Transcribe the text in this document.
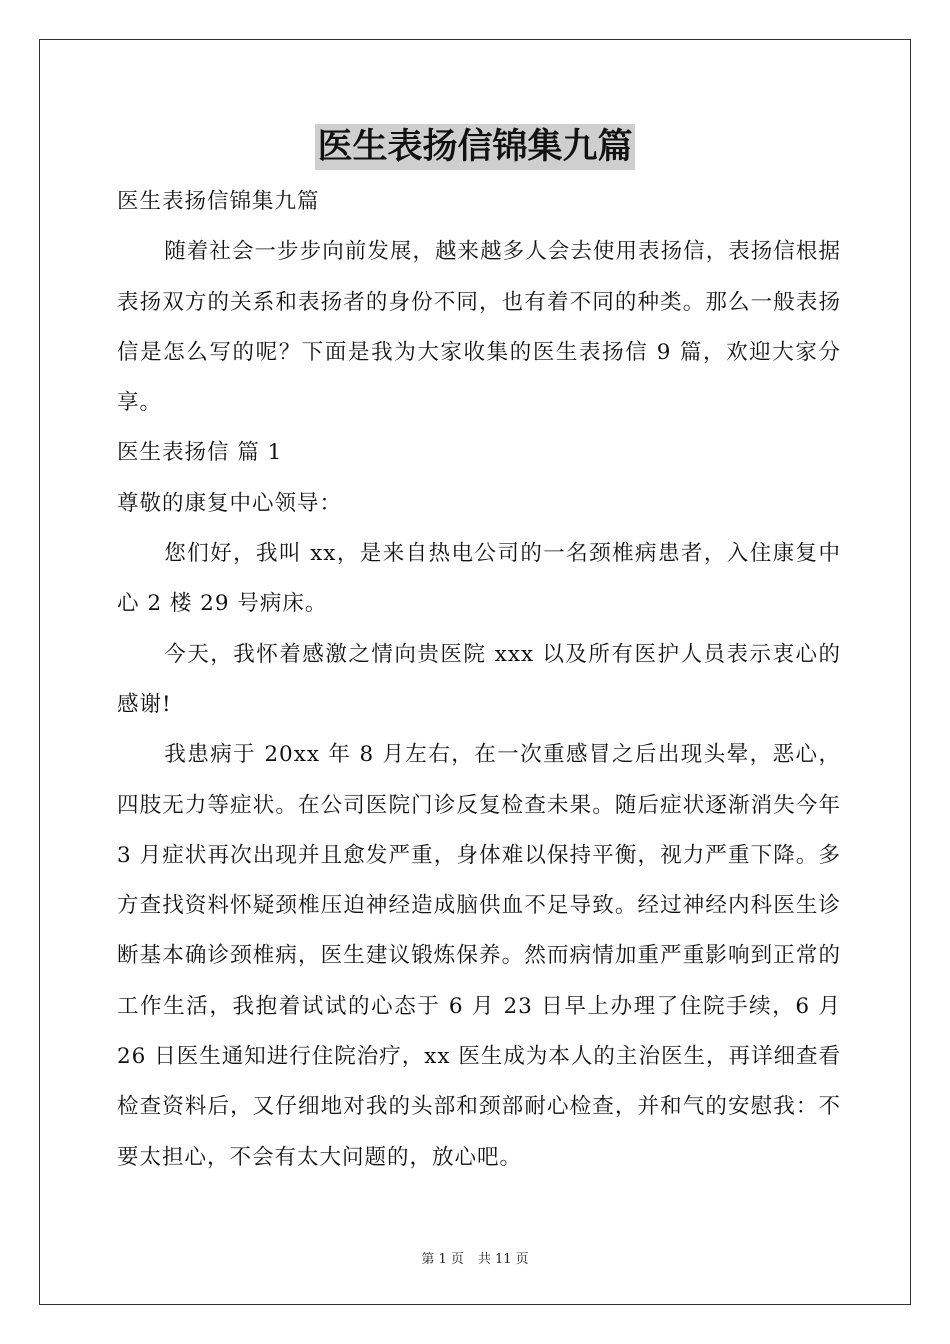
医生表扬信锦集九篇

医生表扬信锦集九篇

随着社会一步步向前发展，越来越多人会去使用表扬信，表扬信根据表扬双方的关系和表扬者的身份不同，也有着不同的种类。那么一般表扬信是怎么写的呢？下面是我为大家收集的医生表扬信 9 篇，欢迎大家分享。

医生表扬信 篇 1

尊敬的康复中心领导：

您们好，我叫 xx，是来自热电公司的一名颈椎病患者，入住康复中心 2 楼 29 号病床。

今天，我怀着感激之情向贵医院 xxx 以及所有医护人员表示衷心的感谢!

我患病于 20xx 年 8 月左右，在一次重感冒之后出现头晕，恶心，四肢无力等症状。在公司医院门诊反复检查未果。随后症状逐渐消失今年 3 月症状再次出现并且愈发严重，身体难以保持平衡，视力严重下降。多方查找资料怀疑颈椎压迫神经造成脑供血不足导致。经过神经内科医生诊断基本确诊颈椎病，医生建议锻炼保养。然而病情加重严重影响到正常的工作生活，我抱着试试的心态于 6 月 23 日早上办理了住院手续，6 月 26 日医生通知进行住院治疗，xx 医生成为本人的主治医生，再详细查看检查资料后，又仔细地对我的头部和颈部耐心检查，并和气的安慰我：不要太担心，不会有太大问题的，放心吧。

第 1 页 共 11 页
